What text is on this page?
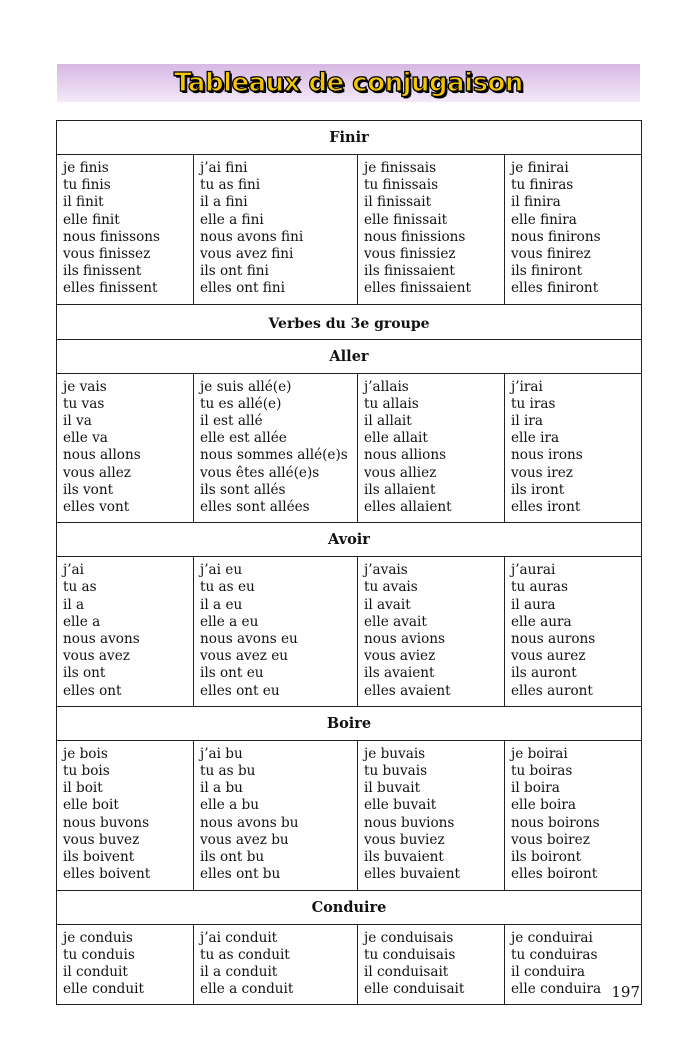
Tableaux de conjugaison
Finir
je finis
tu finis
il finit
elle finit
nous finissons
vous finissez
ils finissent
elles finissent
j’ai fini
tu as fini
il a fini
elle a fini
nous avons fini
vous avez fini
ils ont fini
elles ont fini
je finissais
tu finissais
il finissait
elle finissait
nous finissions
vous finissiez
ils finissaient
elles finissaient
je finirai
tu finiras
il finira
elle finira
nous finirons
vous finirez
ils finiront
elles finiront
Verbes du 3e groupe
Aller
je vais
tu vas
il va
elle va
nous allons
vous allez
ils vont
elles vont
je suis allé(e)
tu es allé(e)
il est allé
elle est allée
nous sommes allé(e)s
vous êtes allé(e)s
ils sont allés
elles sont allées
j’allais
tu allais
il allait
elle allait
nous allions
vous alliez
ils allaient
elles allaient
j’irai
tu iras
il ira
elle ira
nous irons
vous irez
ils iront
elles iront
Avoir
j’ai
tu as
il a
elle a
nous avons
vous avez
ils ont
elles ont
j’ai eu
tu as eu
il a eu
elle a eu
nous avons eu
vous avez eu
ils ont eu
elles ont eu
j’avais
tu avais
il avait
elle avait
nous avions
vous aviez
ils avaient
elles avaient
j’aurai
tu auras
il aura
elle aura
nous aurons
vous aurez
ils auront
elles auront
Boire
je bois
tu bois
il boit
elle boit
nous buvons
vous buvez
ils boivent
elles boivent
j’ai bu
tu as bu
il a bu
elle a bu
nous avons bu
vous avez bu
ils ont bu
elles ont bu
je buvais
tu buvais
il buvait
elle buvait
nous buvions
vous buviez
ils buvaient
elles buvaient
je boirai
tu boiras
il boira
elle boira
nous boirons
vous boirez
ils boiront
elles boiront
Conduire
je conduis
tu conduis
il conduit
elle conduit
j’ai conduit
tu as conduit
il a conduit
elle a conduit
je conduisais
tu conduisais
il conduisait
elle conduisait
je conduirai
tu conduiras
il conduira
elle conduira 197
